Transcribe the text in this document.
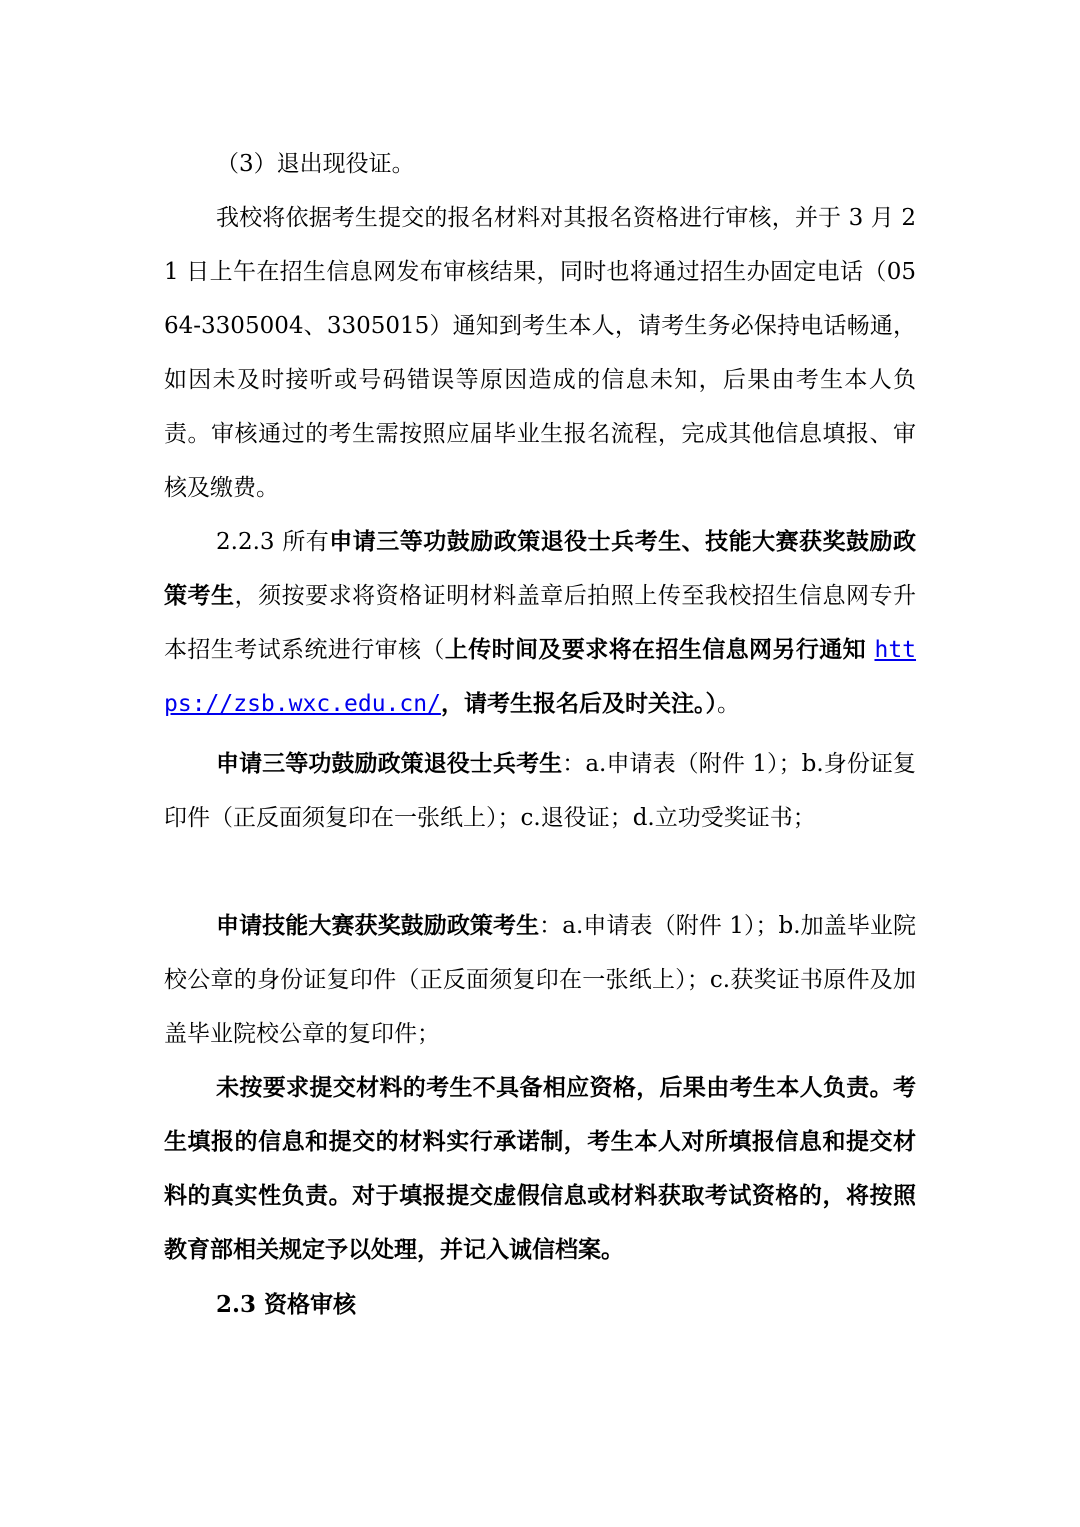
（3）退出现役证。

我校将依据考生提交的报名材料对其报名资格进行审核，并于 3 月 21 日上午在招生信息网发布审核结果，同时也将通过招生办固定电话（0564-3305004、3305015）通知到考生本人，请考生务必保持电话畅通，如因未及时接听或号码错误等原因造成的信息未知，后果由考生本人负责。审核通过的考生需按照应届毕业生报名流程，完成其他信息填报、审核及缴费。

2.2.3 所有申请三等功鼓励政策退役士兵考生、技能大赛获奖鼓励政策考生，须按要求将资格证明材料盖章后拍照上传至我校招生信息网专升本招生考试系统进行审核（上传时间及要求将在招生信息网另行通知 https://zsb.wxc.edu.cn/，请考生报名后及时关注。）。

申请三等功鼓励政策退役士兵考生：a.申请表（附件 1）；b.身份证复印件（正反面须复印在一张纸上）；c.退役证；d.立功受奖证书；

申请技能大赛获奖鼓励政策考生：a.申请表（附件 1）；b.加盖毕业院校公章的身份证复印件（正反面须复印在一张纸上）；c.获奖证书原件及加盖毕业院校公章的复印件；

未按要求提交材料的考生不具备相应资格，后果由考生本人负责。考生填报的信息和提交的材料实行承诺制，考生本人对所填报信息和提交材料的真实性负责。对于填报提交虚假信息或材料获取考试资格的，将按照教育部相关规定予以处理，并记入诚信档案。

2.3 资格审核
